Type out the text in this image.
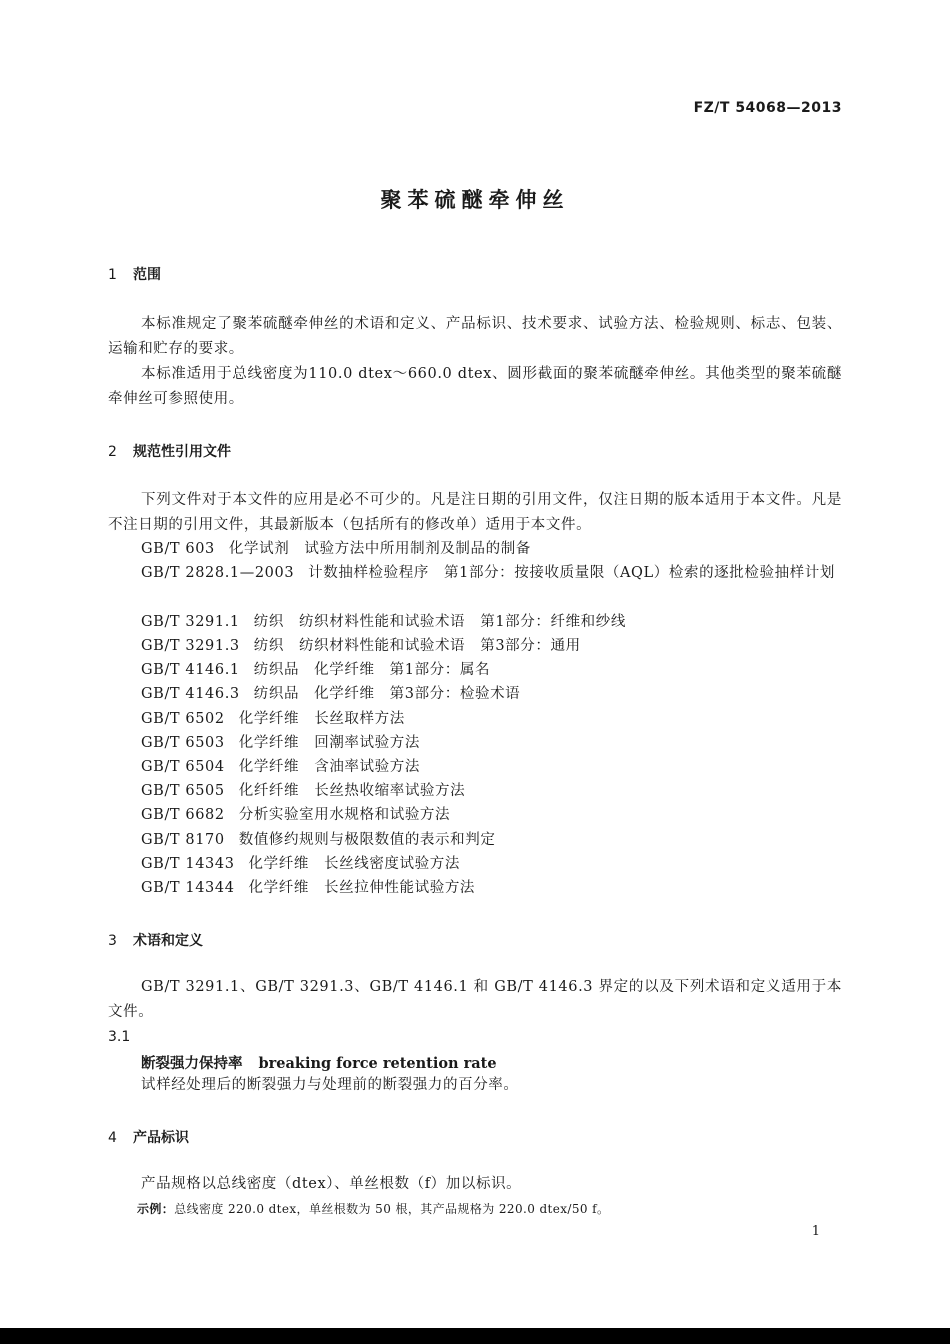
FZ/T 54068—2013
聚苯硫醚牵伸丝
1 范围
本标准规定了聚苯硫醚牵伸丝的术语和定义、产品标识、技术要求、试验方法、检验规则、标志、包装、运输和贮存的要求。
本标准适用于总线密度为110.0 dtex～660.0 dtex、圆形截面的聚苯硫醚牵伸丝。其他类型的聚苯硫醚牵伸丝可参照使用。
2 规范性引用文件
下列文件对于本文件的应用是必不可少的。凡是注日期的引用文件，仅注日期的版本适用于本文件。凡是不注日期的引用文件，其最新版本（包括所有的修改单）适用于本文件。
GB/T 603 化学试剂　试验方法中所用制剂及制品的制备
GB/T 2828.1—2003 计数抽样检验程序　第1部分：按接收质量限（AQL）检索的逐批检验抽样计划
GB/T 3291.1 纺织　纺织材料性能和试验术语　第1部分：纤维和纱线
GB/T 3291.3 纺织　纺织材料性能和试验术语　第3部分：通用
GB/T 4146.1 纺织品　化学纤维　第1部分：属名
GB/T 4146.3 纺织品　化学纤维　第3部分：检验术语
GB/T 6502 化学纤维　长丝取样方法
GB/T 6503 化学纤维　回潮率试验方法
GB/T 6504 化学纤维　含油率试验方法
GB/T 6505 化纤纤维　长丝热收缩率试验方法
GB/T 6682 分析实验室用水规格和试验方法
GB/T 8170 数值修约规则与极限数值的表示和判定
GB/T 14343 化学纤维　长丝线密度试验方法
GB/T 14344 化学纤维　长丝拉伸性能试验方法
3 术语和定义
GB/T 3291.1、GB/T 3291.3、GB/T 4146.1 和 GB/T 4146.3 界定的以及下列术语和定义适用于本文件。
3.1
断裂强力保持率 breaking force retention rate
试样经处理后的断裂强力与处理前的断裂强力的百分率。
4 产品标识
产品规格以总线密度（dtex）、单丝根数（f）加以标识。
示例：总线密度 220.0 dtex，单丝根数为 50 根，其产品规格为 220.0 dtex/50 f。
1
